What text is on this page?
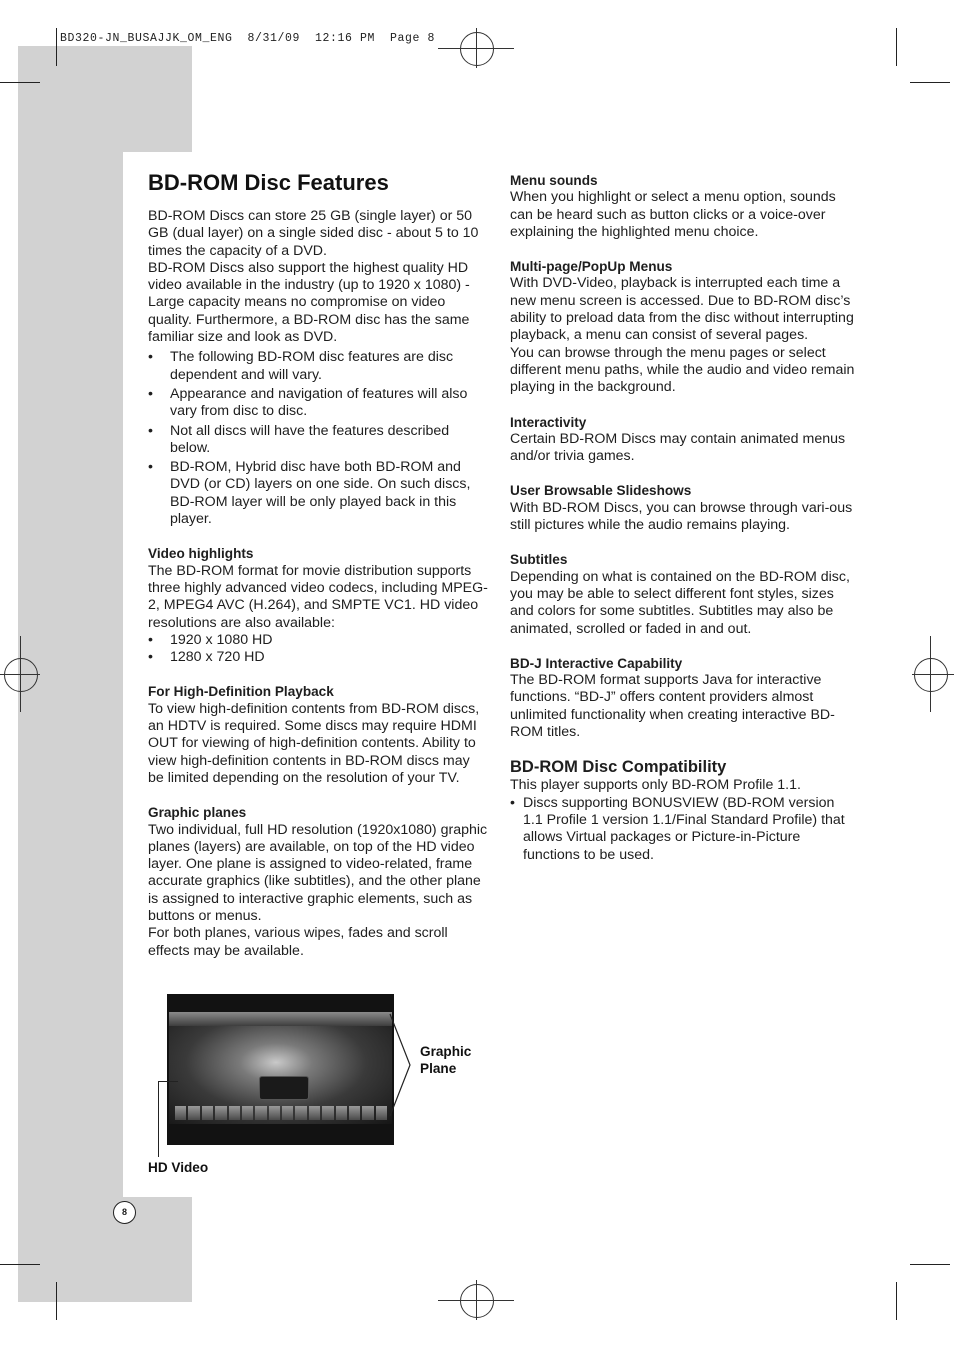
BD320-JN_BUSAJJK_OM_ENG  8/31/09  12:16 PM  Page 8
BD-ROM Disc Features

BD-ROM Discs can store 25 GB (single layer) or 50 GB (dual layer) on a single sided disc - about 5 to 10 times the capacity of a DVD.

BD-ROM Discs also support the highest quality HD video available in the industry (up to 1920 x 1080) - Large capacity means no compromise on video quality. Furthermore, a BD-ROM disc has the same familiar size and look as DVD.

• The following BD-ROM disc features are disc dependent and will vary.
• Appearance and navigation of features will also vary from disc to disc.
• Not all discs will have the features described below.
• BD-ROM, Hybrid disc have both BD-ROM and DVD (or CD) layers on one side. On such discs, BD-ROM layer will be only played back in this player.
Video highlights

The BD-ROM format for movie distribution supports three highly advanced video codecs, including MPEG-2, MPEG4 AVC (H.264), and SMPTE VC1. HD video resolutions are also available:

• 1920 x 1080 HD
• 1280 x 720 HD
For High-Definition Playback

To view high-definition contents from BD-ROM discs, an HDTV is required. Some discs may require HDMI OUT for viewing of high-definition contents. Ability to view high-definition contents in BD-ROM discs may be limited depending on the resolution of your TV.

Graphic planes

Two individual, full HD resolution (1920x1080) graphic planes (layers) are available, on top of the HD video layer. One plane is assigned to video-related, frame accurate graphics (like subtitles), and the other plane is assigned to interactive graphic elements, such as buttons or menus.

For both planes, various wipes, fades and scroll effects may be available.

Menu sounds

When you highlight or select a menu option, sounds can be heard such as button clicks or a voice-over explaining the highlighted menu choice.

Multi-page/PopUp Menus

With DVD-Video, playback is interrupted each time a new menu screen is accessed. Due to BD-ROM disc’s ability to preload data from the disc without interrupting playback, a menu can consist of several pages.

You can browse through the menu pages or select different menu paths, while the audio and video remain playing in the background.

Interactivity

Certain BD-ROM Discs may contain animated menus and/or trivia games.

User Browsable Slideshows

With BD-ROM Discs, you can browse through vari-ous still pictures while the audio remains playing.

Subtitles

Depending on what is contained on the BD-ROM disc, you may be able to select different font styles, sizes and colors for some subtitles. Subtitles may also be animated, scrolled or faded in and out.

BD-J Interactive Capability

The BD-ROM format supports Java for interactive functions. “BD-J” offers content providers almost unlimited functionality when creating interactive BD-ROM titles.

BD-ROM Disc Compatibility

This player supports only BD-ROM Profile 1.1.

• Discs supporting BONUSVIEW (BD-ROM version 1.1 Profile 1 version 1.1/Final Standard Profile) that allows Virtual packages or Picture-in-Picture functions to be used.
Graphic Plane
HD Video
8
